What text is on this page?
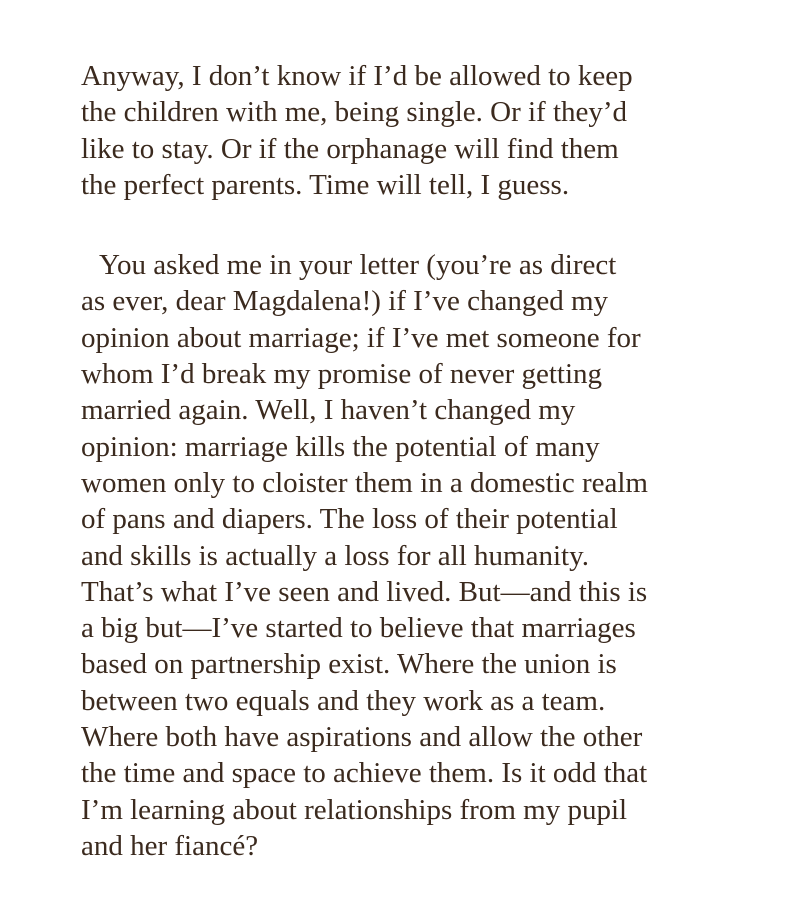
Anyway, I don’t know if I’d be allowed to keep
the children with me, being single. Or if they’d
like to stay. Or if the orphanage will find them
the perfect parents. Time will tell, I guess.
You asked me in your letter (you’re as direct
as ever, dear Magdalena!) if I’ve changed my
opinion about marriage; if I’ve met someone for
whom I’d break my promise of never getting
married again. Well, I haven’t changed my
opinion: marriage kills the potential of many
women only to cloister them in a domestic realm
of pans and diapers. The loss of their potential
and skills is actually a loss for all humanity.
That’s what I’ve seen and lived. But—and this is
a big but—I’ve started to believe that marriages
based on partnership exist. Where the union is
between two equals and they work as a team.
Where both have aspirations and allow the other
the time and space to achieve them. Is it odd that
I’m learning about relationships from my pupil
and her fiancé?
